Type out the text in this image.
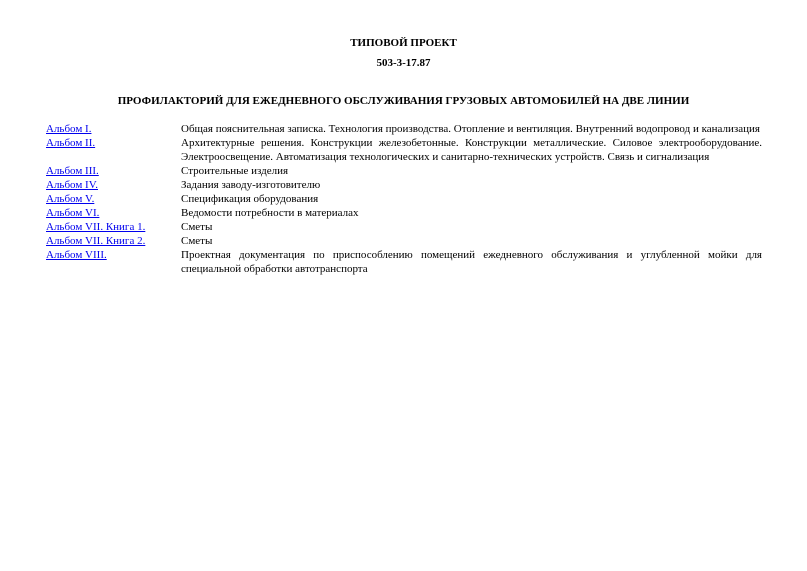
ТИПОВОЙ ПРОЕКТ
503-3-17.87
ПРОФИЛАКТОРИЙ ДЛЯ ЕЖЕДНЕВНОГО ОБСЛУЖИВАНИЯ ГРУЗОВЫХ АВТОМОБИЛЕЙ НА ДВЕ ЛИНИИ
Альбом I.	Общая пояснительная записка. Технология производства. Отопление и вентиляция. Внутренний водопровод и канализация
Альбом II.	Архитектурные решения. Конструкции железобетонные. Конструкции металлические. Силовое электрооборудование. Электроосвещение. Автоматизация технологических и санитарно-технических устройств. Связь и сигнализация
Альбом III.	Строительные изделия
Альбом IV.	Задания заводу-изготовителю
Альбом V.	Спецификация оборудования
Альбом VI.	Ведомости потребности в материалах
Альбом VII. Книга 1.	Сметы
Альбом VII. Книга 2.	Сметы
Альбом VIII.	Проектная документация по приспособлению помещений ежедневного обслуживания и углубленной мойки для специальной обработки автотранспорта
